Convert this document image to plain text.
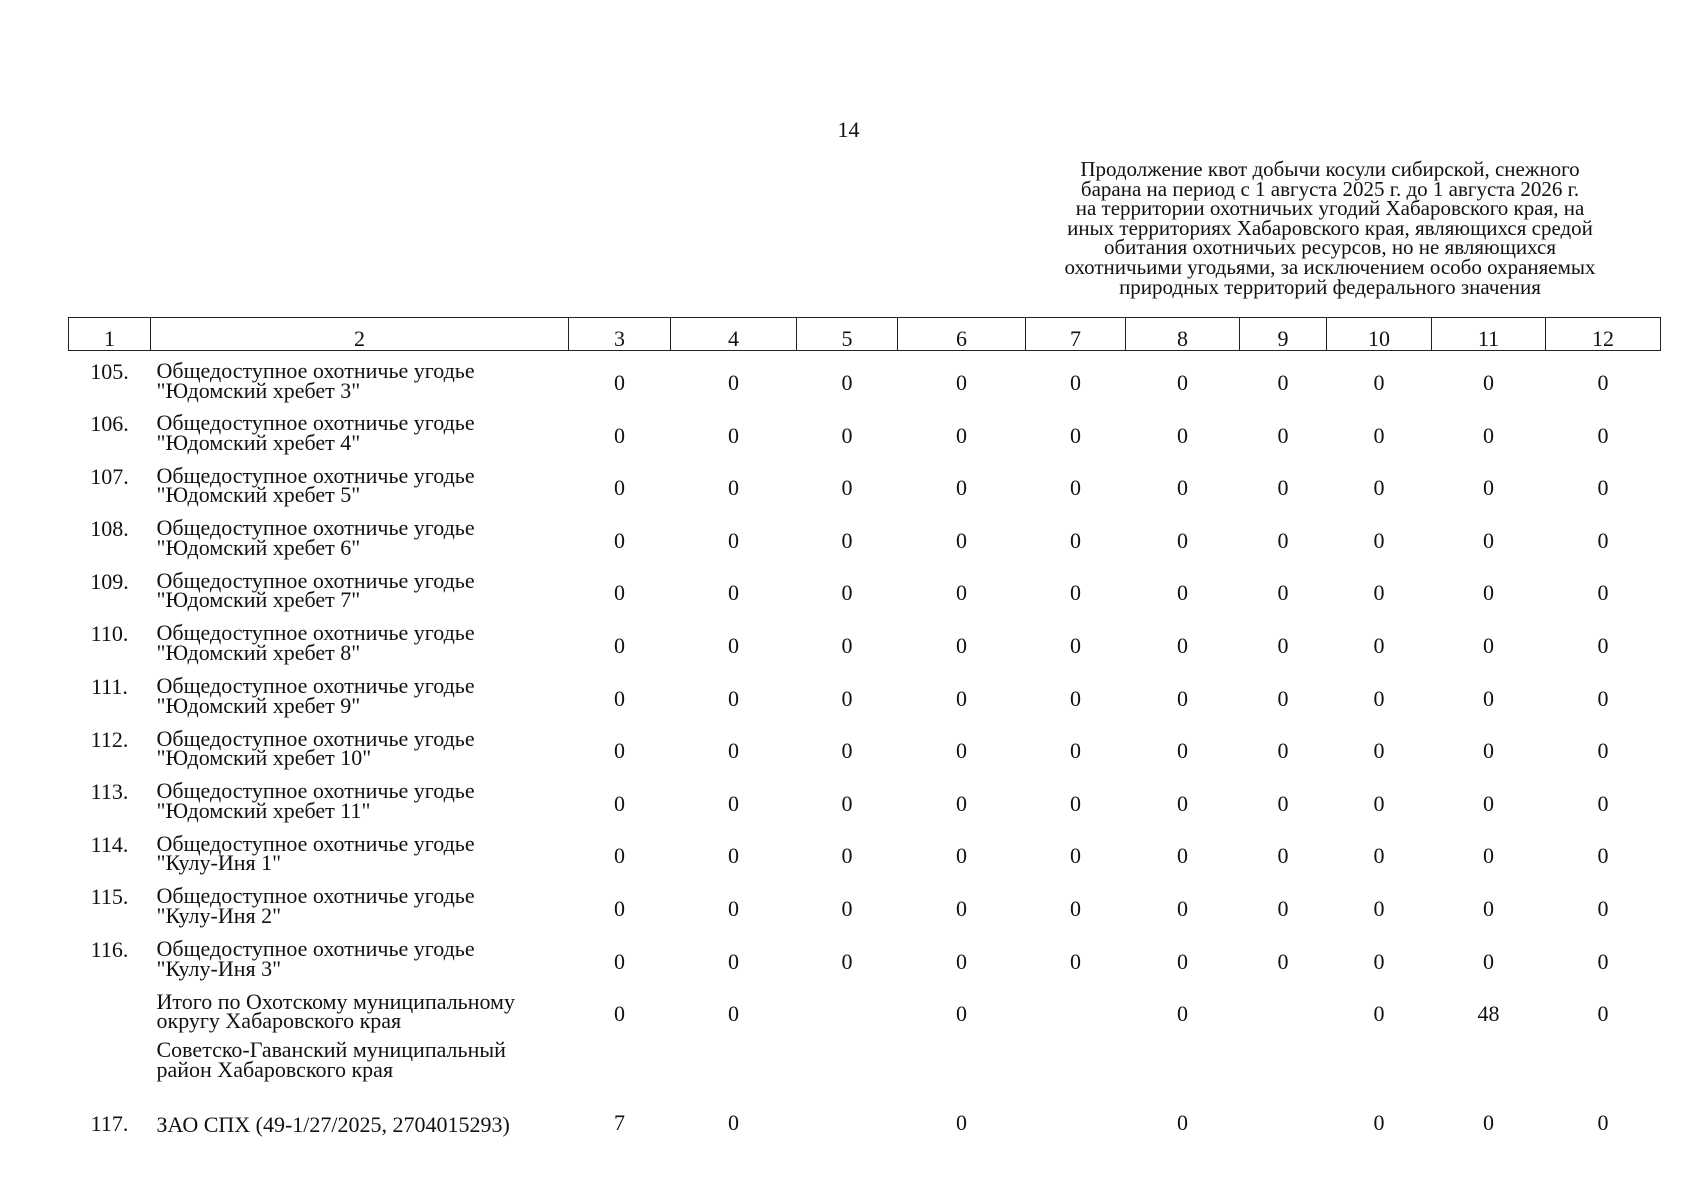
14
Продолжение квот добычи косули сибирской, снежного
барана на период с 1 августа 2025 г. до 1 августа 2026 г.
на территории охотничьих угодий Хабаровского края, на
иных территориях Хабаровского края, являющихся средой
обитания охотничьих ресурсов, но не являющихся
охотничьими угодьями, за исключением особо охраняемых
природных территорий федерального значения
1	2	3	4	5	6	7	8	9	10	11	12
105.	Общедоступное охотничье угодье
"Юдомский хребет 3"	0	0	0	0	0	0	0	0	0	0
106.	Общедоступное охотничье угодье
"Юдомский хребет 4"	0	0	0	0	0	0	0	0	0	0
107.	Общедоступное охотничье угодье
"Юдомский хребет 5"	0	0	0	0	0	0	0	0	0	0
108.	Общедоступное охотничье угодье
"Юдомский хребет 6"	0	0	0	0	0	0	0	0	0	0
109.	Общедоступное охотничье угодье
"Юдомский хребет 7"	0	0	0	0	0	0	0	0	0	0
110.	Общедоступное охотничье угодье
"Юдомский хребет 8"	0	0	0	0	0	0	0	0	0	0
111.	Общедоступное охотничье угодье
"Юдомский хребет 9"	0	0	0	0	0	0	0	0	0	0
112.	Общедоступное охотничье угодье
"Юдомский хребет 10"	0	0	0	0	0	0	0	0	0	0
113.	Общедоступное охотничье угодье
"Юдомский хребет 11"	0	0	0	0	0	0	0	0	0	0
114.	Общедоступное охотничье угодье
"Кулу-Иня 1"	0	0	0	0	0	0	0	0	0	0
115.	Общедоступное охотничье угодье
"Кулу-Иня 2"	0	0	0	0	0	0	0	0	0	0
116.	Общедоступное охотничье угодье
"Кулу-Иня 3"	0	0	0	0	0	0	0	0	0	0

	Итого по Охотскому муниципальному
округу Хабаровского края	0	0		0		0		0	48	0

	Советско-Гаванский муниципальный
район Хабаровского края										

117.	ЗАО СПХ (49-1/27/2025, 2704015293)	7	0		0		0		0	0	0
